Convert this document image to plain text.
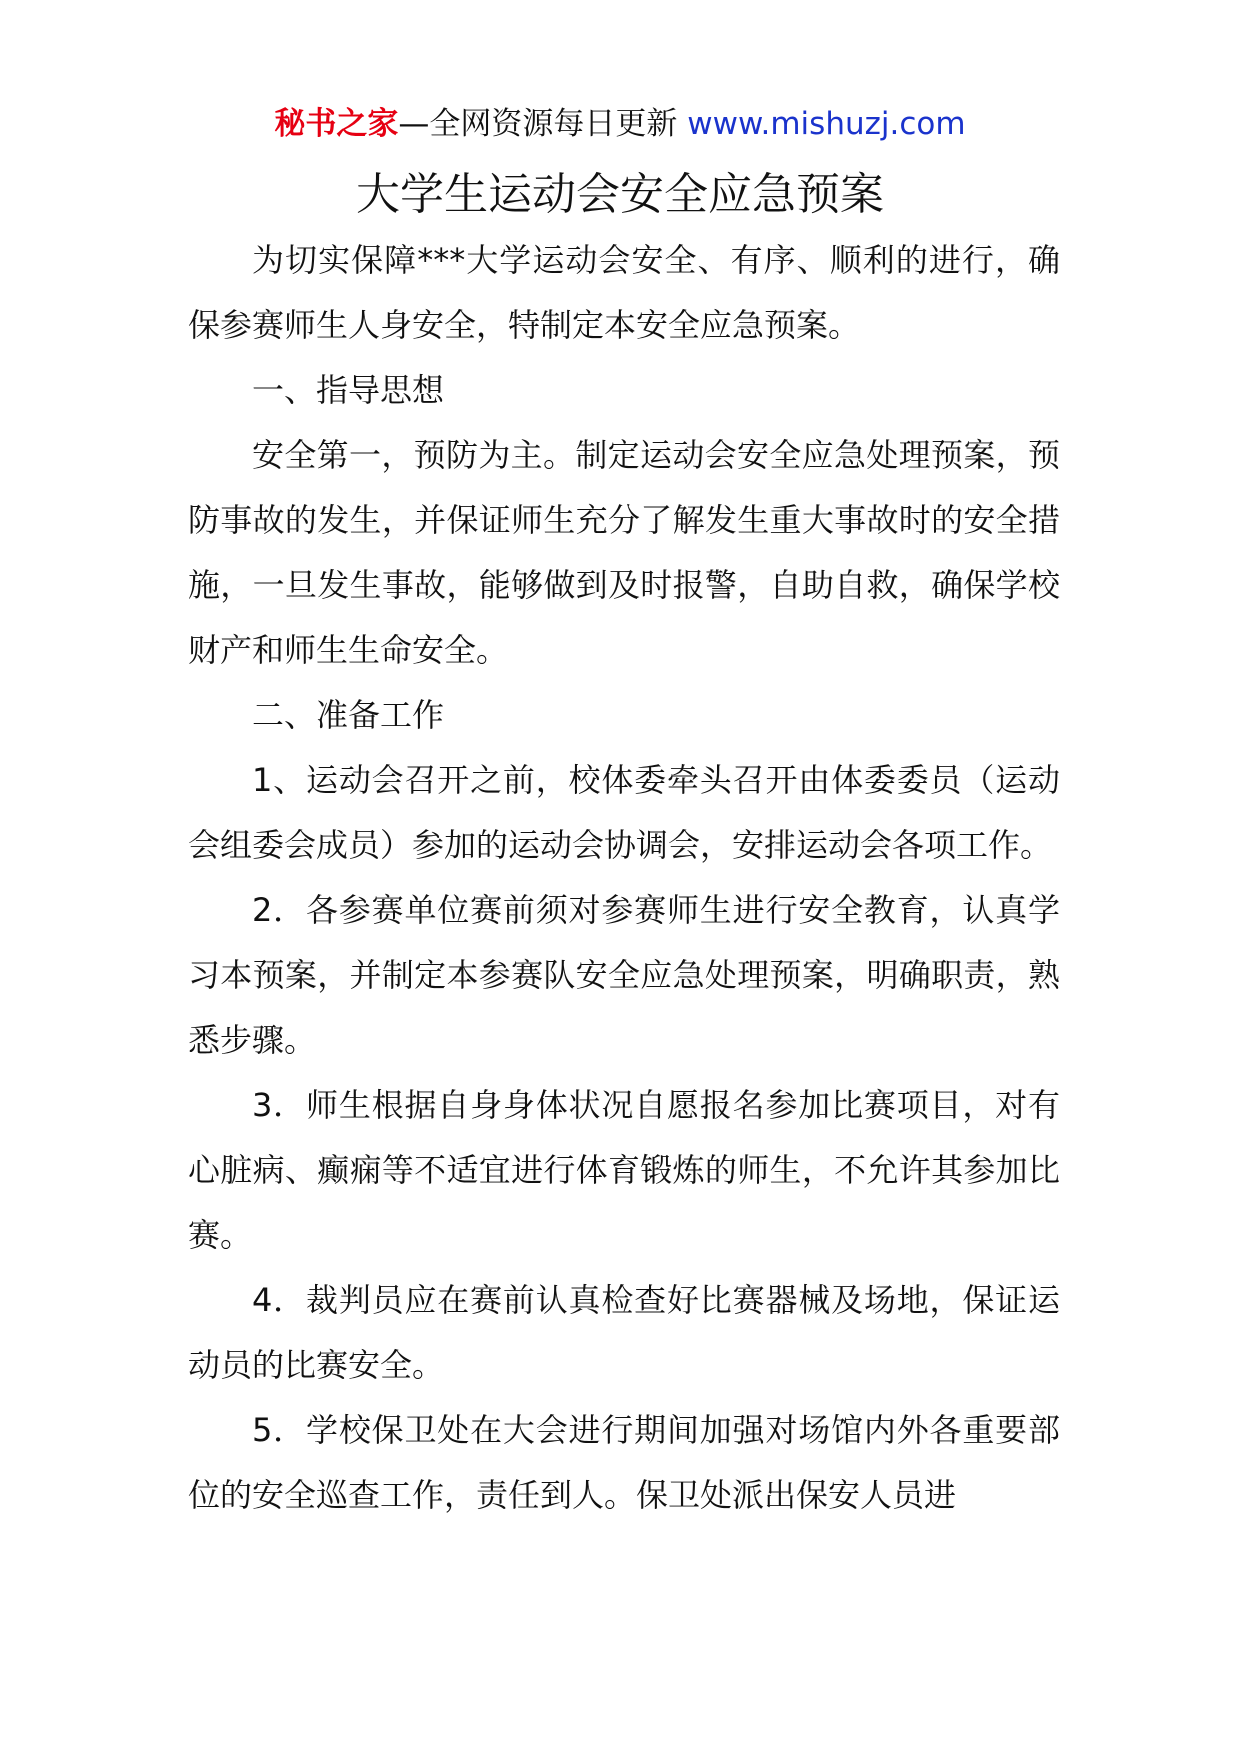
秘书之家—全网资源每日更新 www.mishuzj.com
大学生运动会安全应急预案

为切实保障***大学运动会安全、有序、顺利的进行，确保参赛师生人身安全，特制定本安全应急预案。

一、指导思想

安全第一，预防为主。制定运动会安全应急处理预案，预防事故的发生，并保证师生充分了解发生重大事故时的安全措施，一旦发生事故，能够做到及时报警，自助自救，确保学校财产和师生生命安全。

二、准备工作

1、运动会召开之前，校体委牵头召开由体委委员（运动会组委会成员）参加的运动会协调会，安排运动会各项工作。

2．各参赛单位赛前须对参赛师生进行安全教育，认真学习本预案，并制定本参赛队安全应急处理预案，明确职责，熟悉步骤。

3．师生根据自身身体状况自愿报名参加比赛项目，对有心脏病、癫痫等不适宜进行体育锻炼的师生，不允许其参加比赛。

4．裁判员应在赛前认真检查好比赛器械及场地，保证运动员的比赛安全。

5．学校保卫处在大会进行期间加强对场馆内外各重要部位的安全巡查工作，责任到人。保卫处派出保安人员进
